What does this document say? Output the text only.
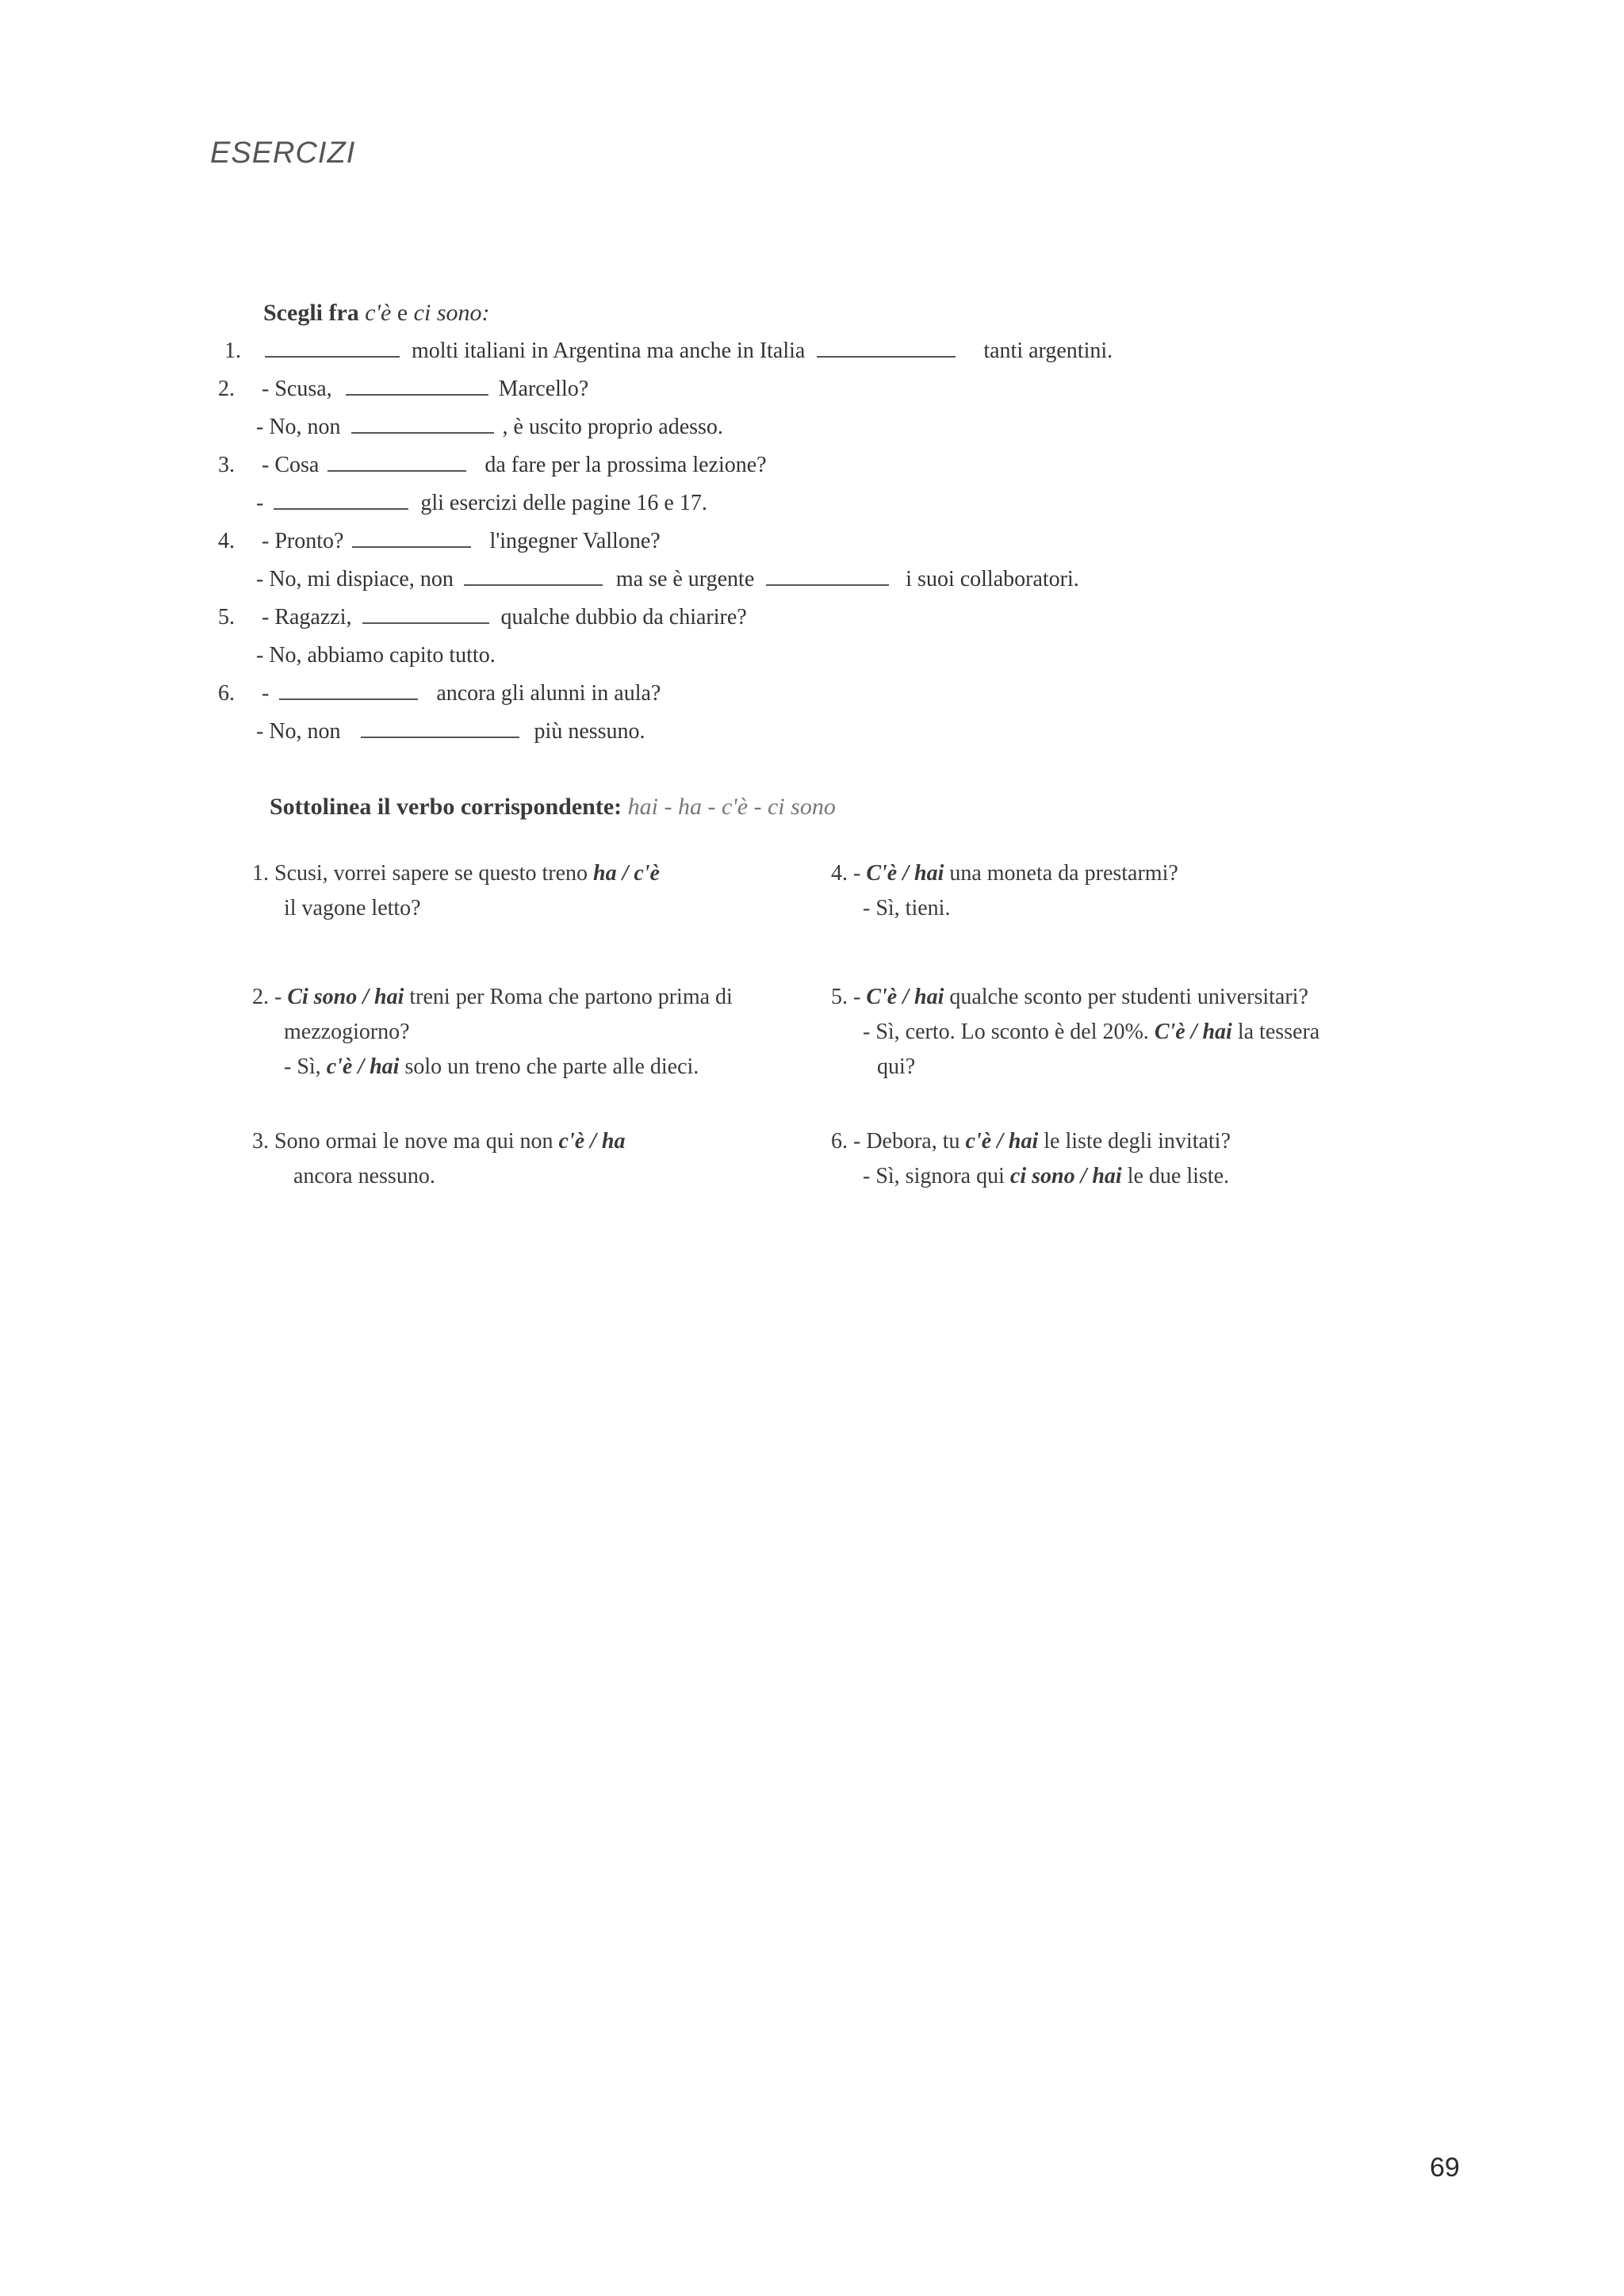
ESERCIZI
Scegli fra c'è e ci sono:
1.	molti italiani in Argentina ma anche in Italia	tanti argentini.
2. - Scusa,	Marcello?
- No, non	, è uscito proprio adesso.
3. - Cosa	da fare per la prossima lezione?
-	gli esercizi delle pagine 16 e 17.
4. - Pronto?	l'ingegner Vallone?
- No, mi dispiace, non	ma se è urgente	i suoi collaboratori.
5. - Ragazzi,	qualche dubbio da chiarire?
- No, abbiamo capito tutto.
6. -	ancora gli alunni in aula?
- No, non	più nessuno.
Sottolinea il verbo corrispondente: hai - ha - c'è - ci sono
1. Scusi, vorrei sapere se questo treno ha / c'è
il vagone letto?
2. - Ci sono / hai treni per Roma che partono prima di mezzogiorno?
- Sì, c'è / hai solo un treno che parte alle dieci.
3. Sono ormai le nove ma qui non c'è / ha
ancora nessuno.
4. - C'è / hai una moneta da prestarmi?
- Sì, tieni.
5. - C'è / hai qualche sconto per studenti universitari?
- Sì, certo. Lo sconto è del 20%. C'è / hai la tessera qui?
6. - Debora, tu c'è / hai le liste degli invitati?
- Sì, signora qui ci sono / hai le due liste.
69
